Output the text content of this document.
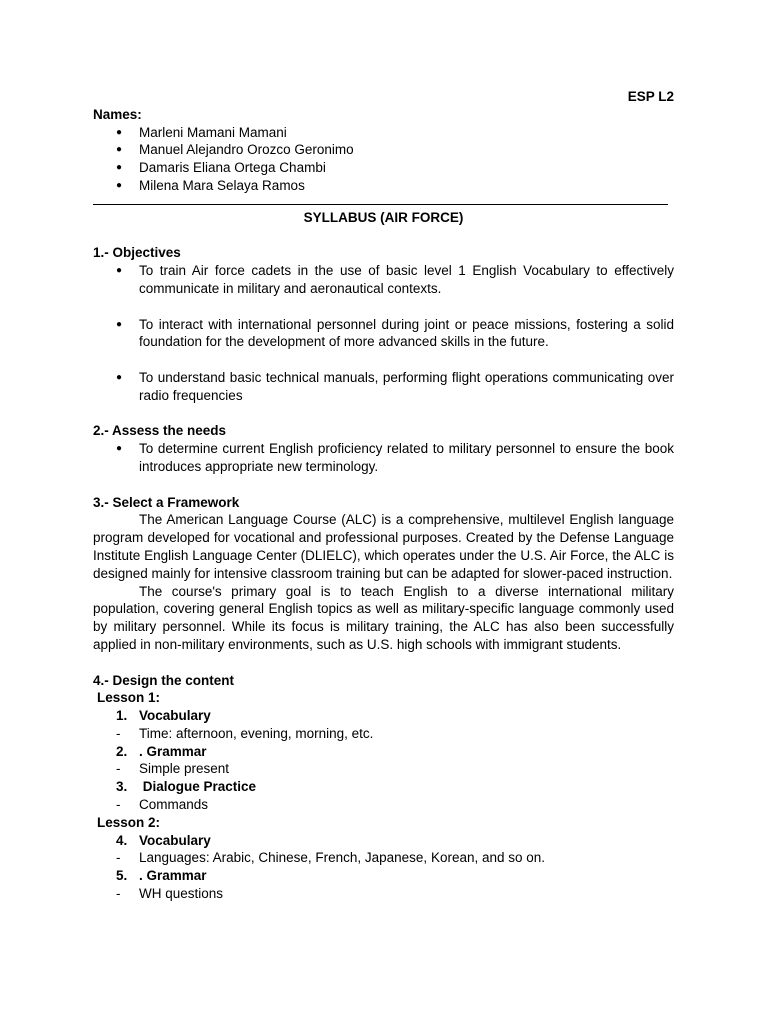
ESP L2
Names:
● Marleni Mamani Mamani
● Manuel Alejandro Orozco Geronimo
● Damaris Eliana Ortega Chambi
● Milena Mara Selaya Ramos
SYLLABUS (AIR FORCE)
1.- Objectives
● To train Air force cadets in the use of basic level 1 English Vocabulary to effectively communicate in military and aeronautical contexts.
● To interact with international personnel during joint or peace missions, fostering a solid foundation for the development of more advanced skills in the future.
● To understand basic technical manuals, performing flight operations communicating over radio frequencies
2.- Assess the needs
● To determine current English proficiency related to military personnel to ensure the book introduces appropriate new terminology.
3.- Select a Framework

The American Language Course (ALC) is a comprehensive, multilevel English language program developed for vocational and professional purposes. Created by the Defense Language Institute English Language Center (DLIELC), which operates under the U.S. Air Force, the ALC is designed mainly for intensive classroom training but can be adapted for slower-paced instruction.

The course's primary goal is to teach English to a diverse international military population, covering general English topics as well as military-specific language commonly used by military personnel. While its focus is military training, the ALC has also been successfully applied in non-military environments, such as U.S. high schools with immigrant students.

4.- Design the content
Lesson 1:
1. Vocabulary
- Time: afternoon, evening, morning, etc.
2. . Grammar
- Simple present
3. Dialogue Practice
- Commands
Lesson 2:
4. Vocabulary
- Languages: Arabic, Chinese, French, Japanese, Korean, and so on.
5. . Grammar
- WH questions
